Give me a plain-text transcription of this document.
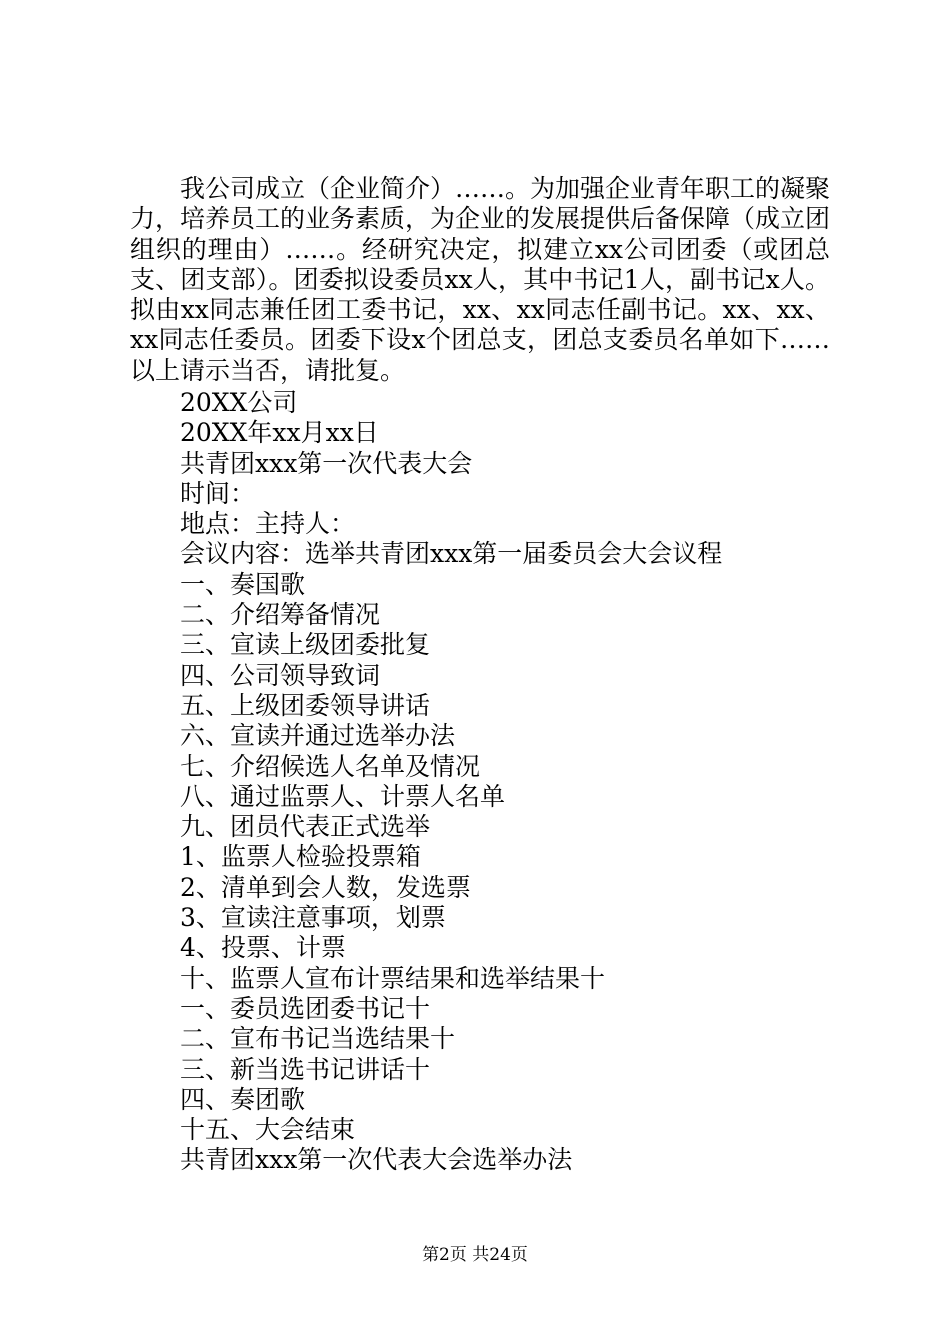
我公司成立（企业简介）……。为加强企业青年职工的凝聚力，培养员工的业务素质，为企业的发展提供后备保障（成立团组织的理由）……。经研究决定，拟建立xx公司团委（或团总支、团支部）。团委拟设委员xx人，其中书记1人，副书记x人。拟由xx同志兼任团工委书记，xx、xx同志任副书记。xx、xx、xx同志任委员。团委下设x个团总支，团总支委员名单如下……以上请示当否，请批复。

20XX公司
20XX年xx月xx日
共青团xxx第一次代表大会
时间：
地点：主持人：
会议内容：选举共青团xxx第一届委员会大会议程
一、奏国歌
二、介绍筹备情况
三、宣读上级团委批复
四、公司领导致词
五、上级团委领导讲话
六、宣读并通过选举办法
七、介绍候选人名单及情况
八、通过监票人、计票人名单
九、团员代表正式选举
1、监票人检验投票箱
2、清单到会人数，发选票
3、宣读注意事项，划票
4、投票、计票
十、监票人宣布计票结果和选举结果十
一、委员选团委书记十
二、宣布书记当选结果十
三、新当选书记讲话十
四、奏团歌
十五、大会结束
共青团xxx第一次代表大会选举办法
第2页 共24页
